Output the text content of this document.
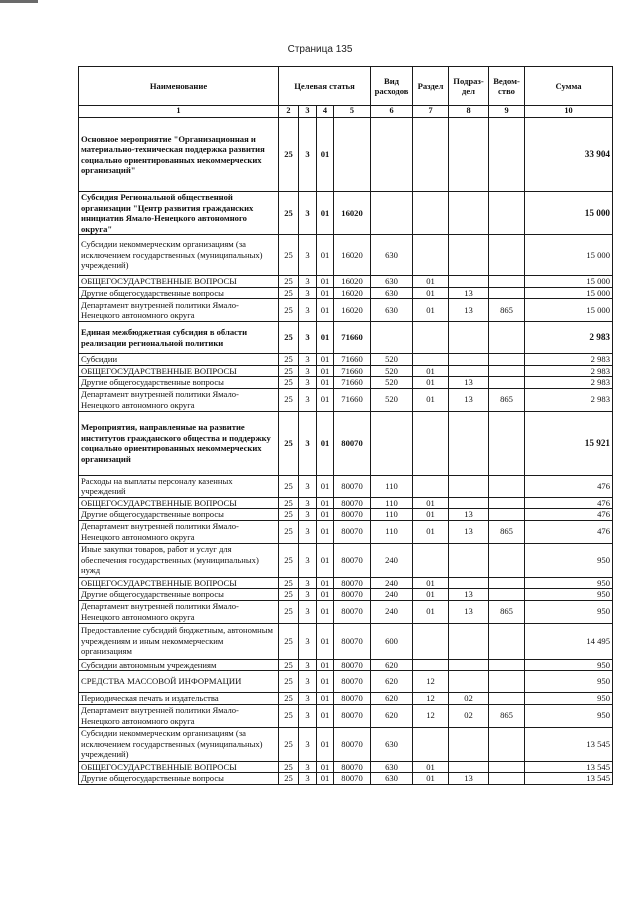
Страница 135
Наименование	Целевая статья				Вид расходов	Раздел	Подраз-дел	Ведом-ство	Сумма
1	2	3	4	5	6	7	8	9	10
Основное мероприятие "Организационная и материально-техническая поддержка развития социально ориентированных некоммерческих организаций"	25	3	01						33 904
Субсидия Региональной общественной организации "Центр развития гражданских инициатив Ямало-Ненецкого автономного округа"	25	3	01	16020					15 000
Субсидии некоммерческим организациям (за исключением государственных (муниципальных) учреждений)	25	3	01	16020	630				15 000
ОБЩЕГОСУДАРСТВЕННЫЕ ВОПРОСЫ	25	3	01	16020	630	01			15 000
Другие общегосударственные вопросы	25	3	01	16020	630	01	13		15 000
Департамент внутренней политики Ямало-Ненецкого автономного округа	25	3	01	16020	630	01	13	865	15 000
Единая межбюджетная субсидия в области реализации региональной политики	25	3	01	71660					2 983
Субсидии	25	3	01	71660	520				2 983
ОБЩЕГОСУДАРСТВЕННЫЕ ВОПРОСЫ	25	3	01	71660	520	01			2 983
Другие общегосударственные вопросы	25	3	01	71660	520	01	13		2 983
Департамент внутренней политики Ямало-Ненецкого автономного округа	25	3	01	71660	520	01	13	865	2 983
Мероприятия, направленные на развитие институтов гражданского общества и поддержку социально ориентированных некоммерческих организаций	25	3	01	80070					15 921
Расходы на выплаты персоналу казенных учреждений	25	3	01	80070	110				476
ОБЩЕГОСУДАРСТВЕННЫЕ ВОПРОСЫ	25	3	01	80070	110	01			476
Другие общегосударственные вопросы	25	3	01	80070	110	01	13		476
Департамент внутренней политики Ямало-Ненецкого автономного округа	25	3	01	80070	110	01	13	865	476
Иные закупки товаров, работ и услуг для обеспечения государственных (муниципальных) нужд	25	3	01	80070	240				950
ОБЩЕГОСУДАРСТВЕННЫЕ ВОПРОСЫ	25	3	01	80070	240	01			950
Другие общегосударственные вопросы	25	3	01	80070	240	01	13		950
Департамент внутренней политики Ямало-Ненецкого автономного округа	25	3	01	80070	240	01	13	865	950
Предоставление субсидий бюджетным, автономным учреждениям и иным некоммерческим организациям	25	3	01	80070	600				14 495
Субсидии автономным учреждениям	25	3	01	80070	620				950
СРЕДСТВА МАССОВОЙ ИНФОРМАЦИИ	25	3	01	80070	620	12			950
Периодическая печать и издательства	25	3	01	80070	620	12	02		950
Департамент внутренней политики Ямало-Ненецкого автономного округа	25	3	01	80070	620	12	02	865	950
Субсидии некоммерческим организациям (за исключением государственных (муниципальных) учреждений)	25	3	01	80070	630				13 545
ОБЩЕГОСУДАРСТВЕННЫЕ ВОПРОСЫ	25	3	01	80070	630	01			13 545
Другие общегосударственные вопросы	25	3	01	80070	630	01	13		13 545
